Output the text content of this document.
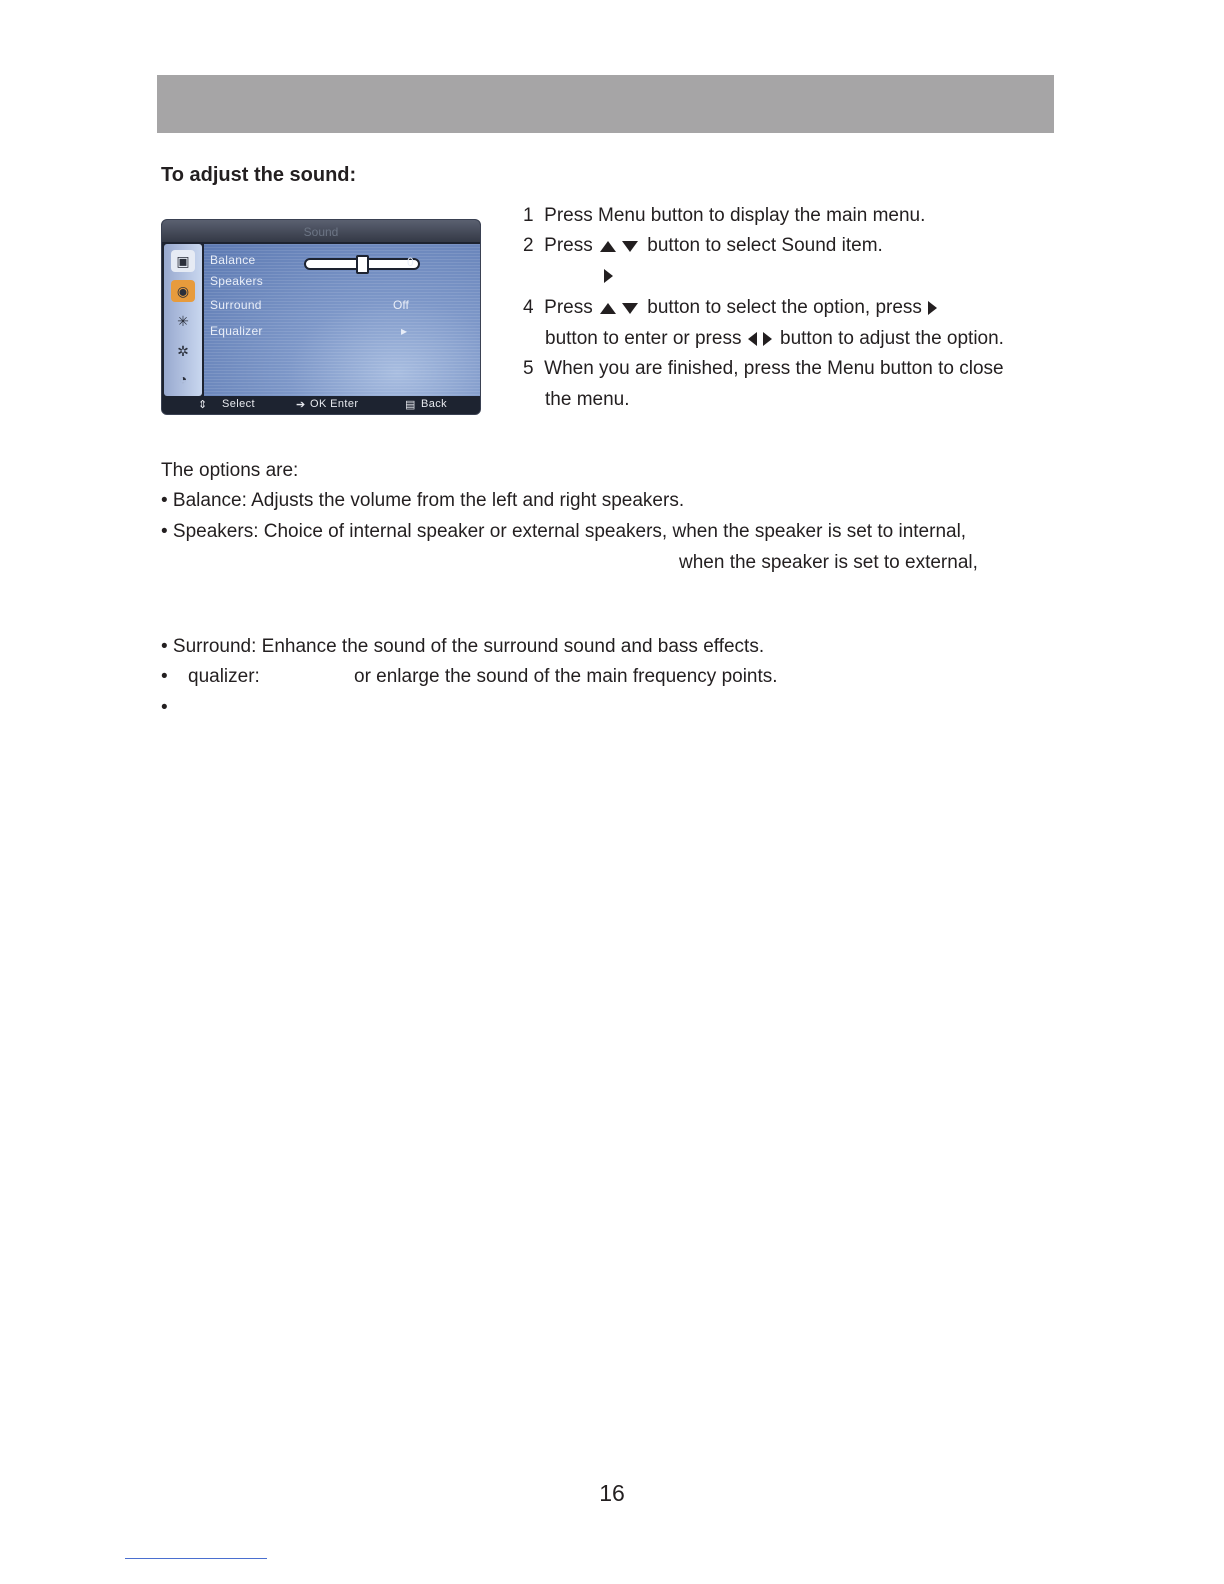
To adjust the sound:
Sound
▣
◉
✳
✲
◔
Balance	0
Speakers
Surround	Off
Equalizer	▸
⇕ Select	➔ OK Enter	▤ Back
1 Press Menu button to display the main menu.
2 Press	button to select Sound item.
4 Press	button to select the option, press
button to enter or press button to adjust the option.
5 When you are finished, press the Menu button to close
the menu.
The options are:
• Balance: Adjusts the volume from the left and right speakers.
• Speakers: Choice of internal speaker or external speakers, when the speaker is set to internal,
when the speaker is set to external,
• Surround: Enhance the sound of the surround sound and bass effects.
• qualizer:	or enlarge the sound of the main frequency points.
•
16
